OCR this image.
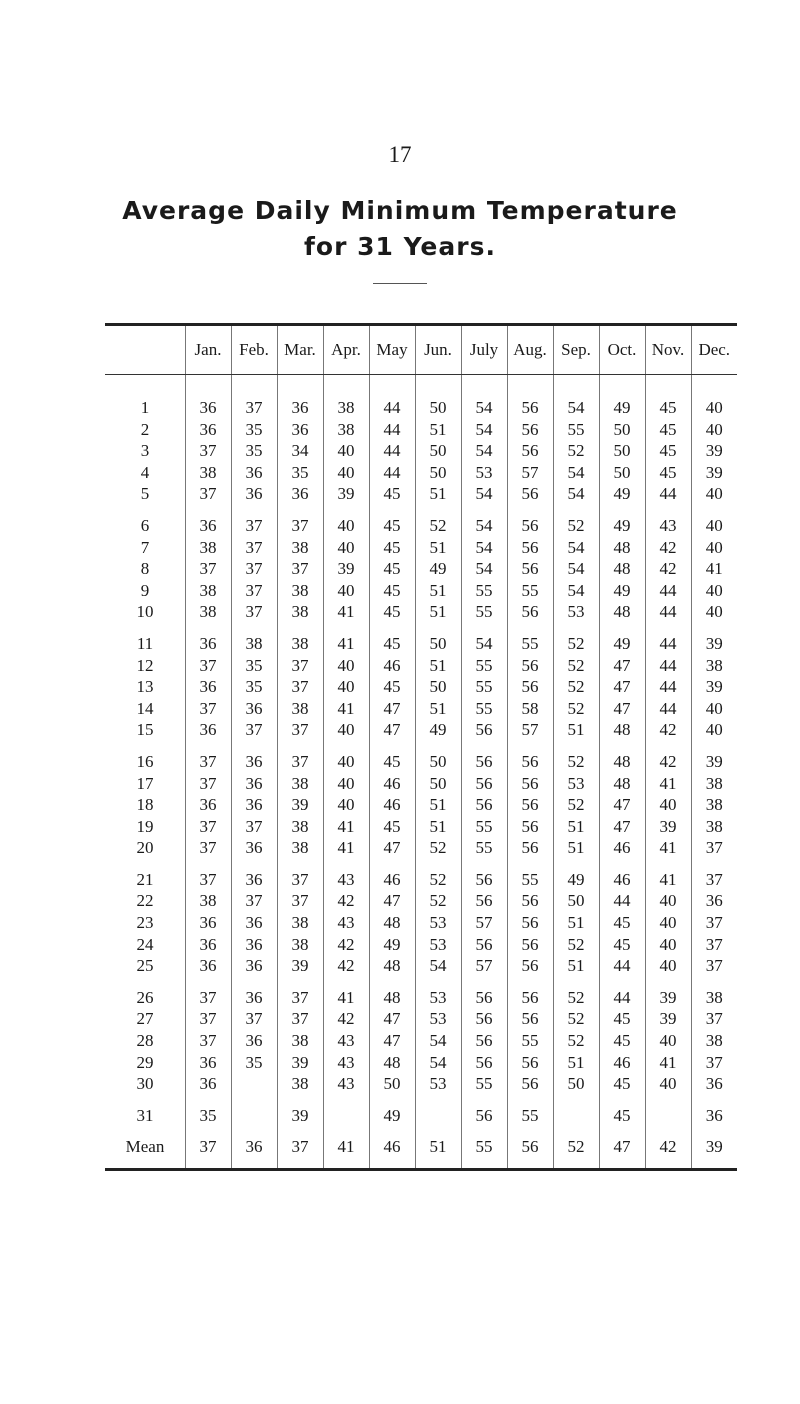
17
Average Daily Minimum Temperature
for 31 Years.
	Jan.	Feb.	Mar.	Apr.	May	Jun.	July	Aug.	Sep.	Oct.	Nov.	Dec.

1	36	37	36	38	44	50	54	56	54	49	45	40
2	36	35	36	38	44	51	54	56	55	50	45	40
3	37	35	34	40	44	50	54	56	52	50	45	39
4	38	36	35	40	44	50	53	57	54	50	45	39
5	37	36	36	39	45	51	54	56	54	49	44	40

6	36	37	37	40	45	52	54	56	52	49	43	40
7	38	37	38	40	45	51	54	56	54	48	42	40
8	37	37	37	39	45	49	54	56	54	48	42	41
9	38	37	38	40	45	51	55	55	54	49	44	40
10	38	37	38	41	45	51	55	56	53	48	44	40

11	36	38	38	41	45	50	54	55	52	49	44	39
12	37	35	37	40	46	51	55	56	52	47	44	38
13	36	35	37	40	45	50	55	56	52	47	44	39
14	37	36	38	41	47	51	55	58	52	47	44	40
15	36	37	37	40	47	49	56	57	51	48	42	40

16	37	36	37	40	45	50	56	56	52	48	42	39
17	37	36	38	40	46	50	56	56	53	48	41	38
18	36	36	39	40	46	51	56	56	52	47	40	38
19	37	37	38	41	45	51	55	56	51	47	39	38
20	37	36	38	41	47	52	55	56	51	46	41	37

21	37	36	37	43	46	52	56	55	49	46	41	37
22	38	37	37	42	47	52	56	56	50	44	40	36
23	36	36	38	43	48	53	57	56	51	45	40	37
24	36	36	38	42	49	53	56	56	52	45	40	37
25	36	36	39	42	48	54	57	56	51	44	40	37

26	37	36	37	41	48	53	56	56	52	44	39	38
27	37	37	37	42	47	53	56	56	52	45	39	37
28	37	36	38	43	47	54	56	55	52	45	40	38
29	36	35	39	43	48	54	56	56	51	46	41	37
30	36		38	43	50	53	55	56	50	45	40	36

31	35		39		49		56	55		45		36

Mean	37	36	37	41	46	51	55	56	52	47	42	39
